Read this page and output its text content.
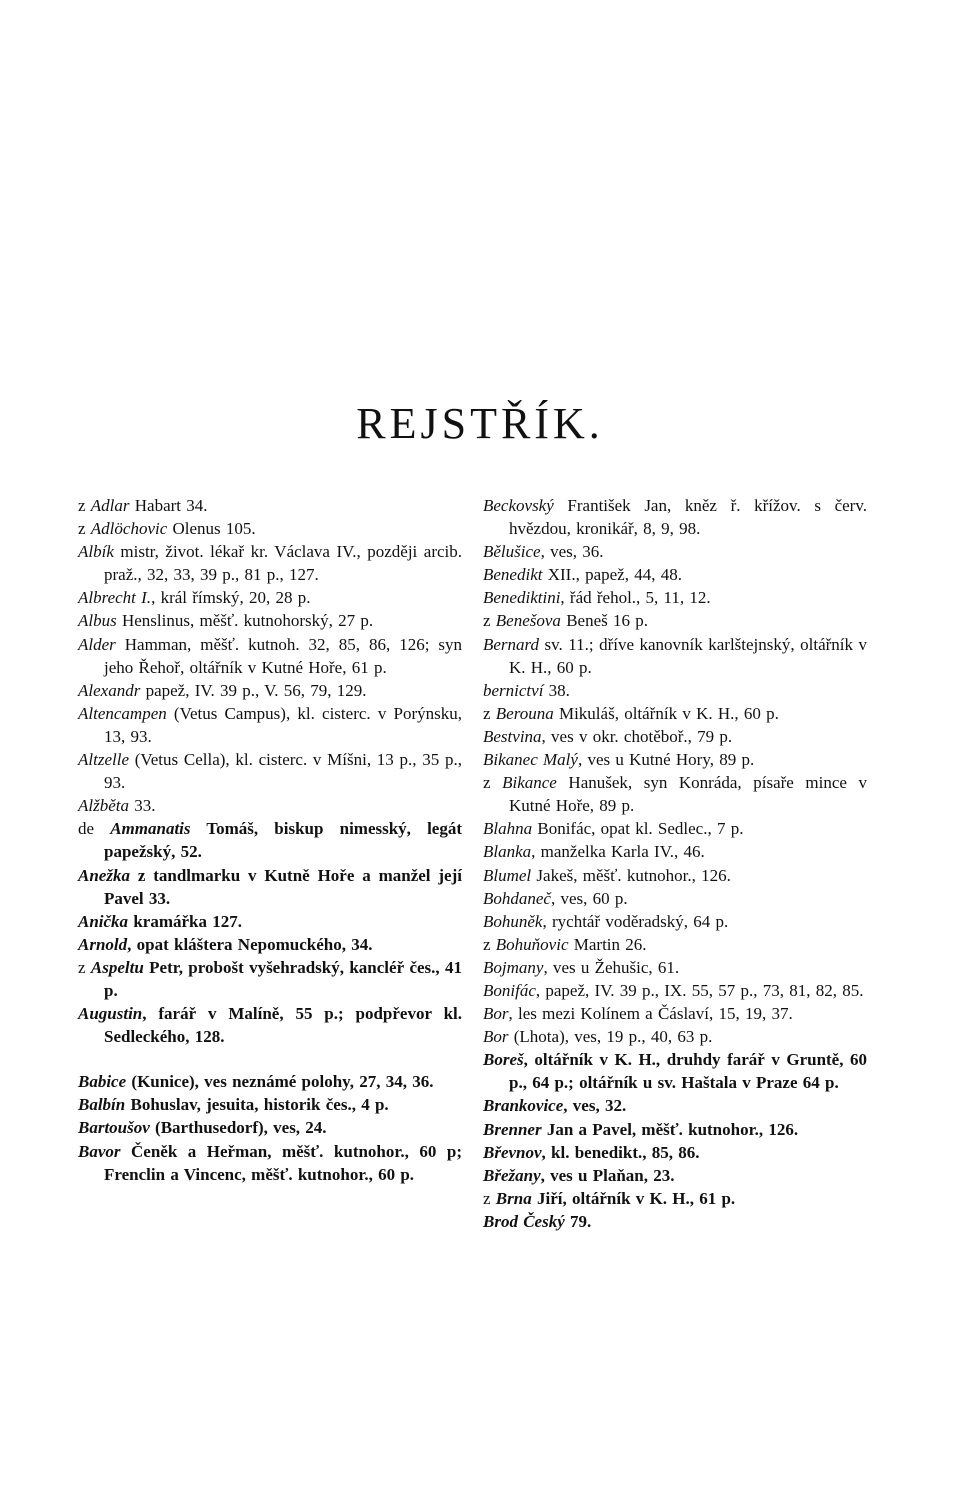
REJSTŘÍK.

z Adlar Habart 34.

z Adlöchovic Olenus 105.

Albík mistr, život. lékař kr. Václava IV., později arcib. praž., 32, 33, 39 p., 81 p., 127.

Albrecht I., král římský, 20, 28 p.

Albus Henslinus, měšť. kutnohorský, 27 p.

Alder Hamman, měšť. kutnoh. 32, 85, 86, 126; syn jeho Řehoř, oltářník v Kutné Hoře, 61 p.

Alexandr papež, IV. 39 p., V. 56, 79, 129.

Altencampen (Vetus Campus), kl. cisterc. v Porýnsku, 13, 93.

Altzelle (Vetus Cella), kl. cisterc. v Míšni, 13 p., 35 p., 93.

Alžběta 33.

de Ammanatis Tomáš, biskup nimesský, legát papežský, 52.

Anežka z tandlmarku v Kutně Hoře a manžel její Pavel 33.

Anička kramářka 127.

Arnold, opat kláštera Nepomuckého, 34.

z Aspeltu Petr, probošt vyšehradský, kancléř čes., 41 p.

Augustin, farář v Malíně, 55 p.; podpřevor kl. Sedleckého, 128.

Babice (Kunice), ves neznámé polohy, 27, 34, 36.

Balbín Bohuslav, jesuita, historik čes., 4 p.

Bartoušov (Barthusedorf), ves, 24.

Bavor Čeněk a Heřman, měšť. kutnohor., 60 p; Frenclin a Vincenc, měšť. kutnohor., 60 p.

Beckovský František Jan, kněz ř. křížov. s červ. hvězdou, kronikář, 8, 9, 98.

Bělušice, ves, 36.

Benedikt XII., papež, 44, 48.

Benediktini, řád řehol., 5, 11, 12.

z Benešova Beneš 16 p.

Bernard sv. 11.; dříve kanovník karlštejnský, oltářník v K. H., 60 p.

bernictví 38.

z Berouna Mikuláš, oltářník v K. H., 60 p.

Bestvina, ves v okr. chotěboř., 79 p.

Bikanec Malý, ves u Kutné Hory, 89 p.

z Bikance Hanušek, syn Konráda, písaře mince v Kutné Hoře, 89 p.

Blahna Bonifác, opat kl. Sedlec., 7 p.

Blanka, manželka Karla IV., 46.

Blumel Jakeš, měšť. kutnohor., 126.

Bohdaneč, ves, 60 p.

Bohuněk, rychtář voděradský, 64 p.

z Bohuňovic Martin 26.

Bojmany, ves u Žehušic, 61.

Bonifác, papež, IV. 39 p., IX. 55, 57 p., 73, 81, 82, 85.

Bor, les mezi Kolínem a Čáslaví, 15, 19, 37.

Bor (Lhota), ves, 19 p., 40, 63 p.

Boreš, oltářník v K. H., druhdy farář v Gruntě, 60 p., 64 p.; oltářník u sv. Haštala v Praze 64 p.

Brankovice, ves, 32.

Brenner Jan a Pavel, měšť. kutnohor., 126.

Břevnov, kl. benedikt., 85, 86.

Břežany, ves u Plaňan, 23.

z Brna Jiří, oltářník v K. H., 61 p.

Brod Český 79.
